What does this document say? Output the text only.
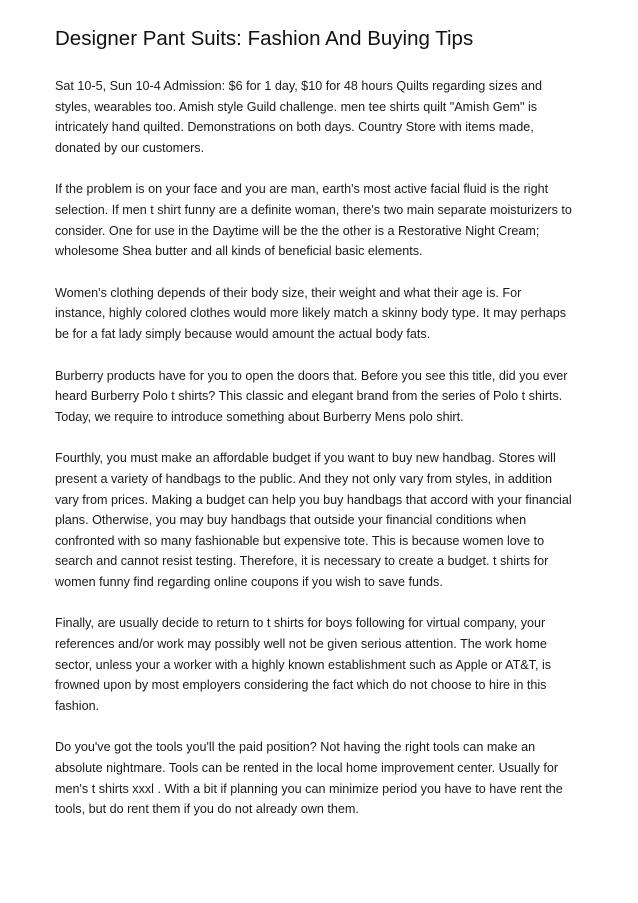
Designer Pant Suits: Fashion And Buying Tips

Sat 10-5, Sun 10-4 Admission: $6 for 1 day, $10 for 48 hours Quilts regarding sizes and
styles, wearables too. Amish style Guild challenge. men tee shirts quilt "Amish Gem" is
intricately hand quilted. Demonstrations on both days. Country Store with items made,
donated by our customers.

If the problem is on your face and you are man, earth's most active facial fluid is the right
selection. If men t shirt funny are a definite woman, there's two main separate moisturizers to
consider. One for use in the Daytime will be the the other is a Restorative Night Cream;
wholesome Shea butter and all kinds of beneficial basic elements.

Women's clothing depends of their body size, their weight and what their age is. For
instance, highly colored clothes would more likely match a skinny body type. It may perhaps
be for a fat lady simply because would amount the actual body fats.

Burberry products have for you to open the doors that. Before you see this title, did you ever
heard Burberry Polo t shirts? This classic and elegant brand from the series of Polo t shirts.
Today, we require to introduce something about Burberry Mens polo shirt.

Fourthly, you must make an affordable budget if you want to buy new handbag. Stores will
present a variety of handbags to the public. And they not only vary from styles, in addition
vary from prices. Making a budget can help you buy handbags that accord with your financial
plans. Otherwise, you may buy handbags that outside your financial conditions when
confronted with so many fashionable but expensive tote. This is because women love to
search and cannot resist testing. Therefore, it is necessary to create a budget. t shirts for
women funny find regarding online coupons if you wish to save funds.

Finally, are usually decide to return to t shirts for boys following for virtual company, your
references and/or work may possibly well not be given serious attention. The work home
sector, unless your a worker with a highly known establishment such as Apple or AT&T, is
frowned upon by most employers considering the fact which do not choose to hire in this
fashion.

Do you've got the tools you'll the paid position? Not having the right tools can make an
absolute nightmare. Tools can be rented in the local home improvement center. Usually for
men's t shirts xxxl . With a bit if planning you can minimize period you have to have rent the
tools, but do rent them if you do not already own them.
